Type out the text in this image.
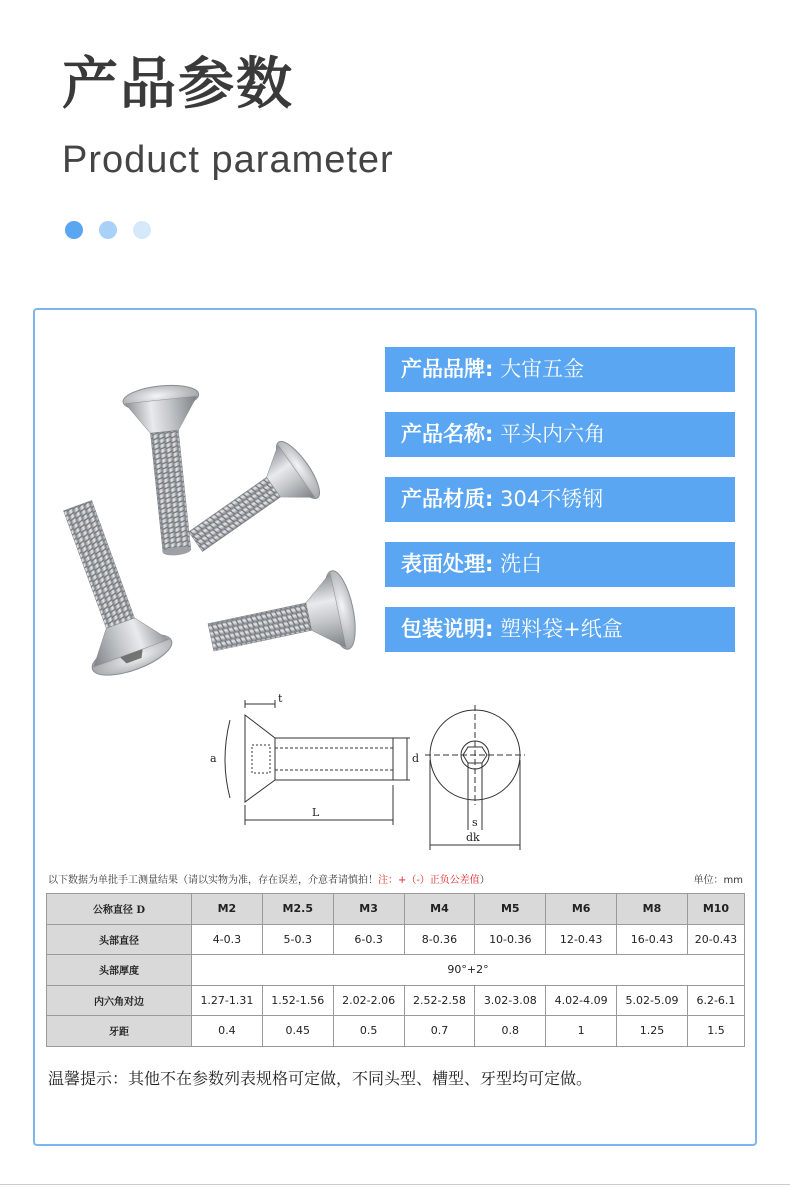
产品参数
Product parameter
产品品牌:
大宙五金
产品名称:
平头内六角
产品材质:
304不锈钢
表面处理:
洗白
包装说明:
塑料袋+纸盒
t
a	d
L
s
dk
以下数据为单批手工测量结果（请以实物为准，存在误差，介意者请慎拍！注：+（-）正负公差值）	单位：mm
公称直径 D	M2	M2.5	M3	M4	M5	M6	M8	M10
头部直径	4-0.3	5-0.3	6-0.3	8-0.36	10-0.36	12-0.43	16-0.43	20-0.43
头部厚度	90°+2°							
内六角对边	1.27-1.31	1.52-1.56	2.02-2.06	2.52-2.58	3.02-3.08	4.02-4.09	5.02-5.09	6.2-6.1
牙距	0.4	0.45	0.5	0.7	0.8	1	1.25	1.5
温馨提示：其他不在参数列表规格可定做，不同头型、槽型、牙型均可定做。
